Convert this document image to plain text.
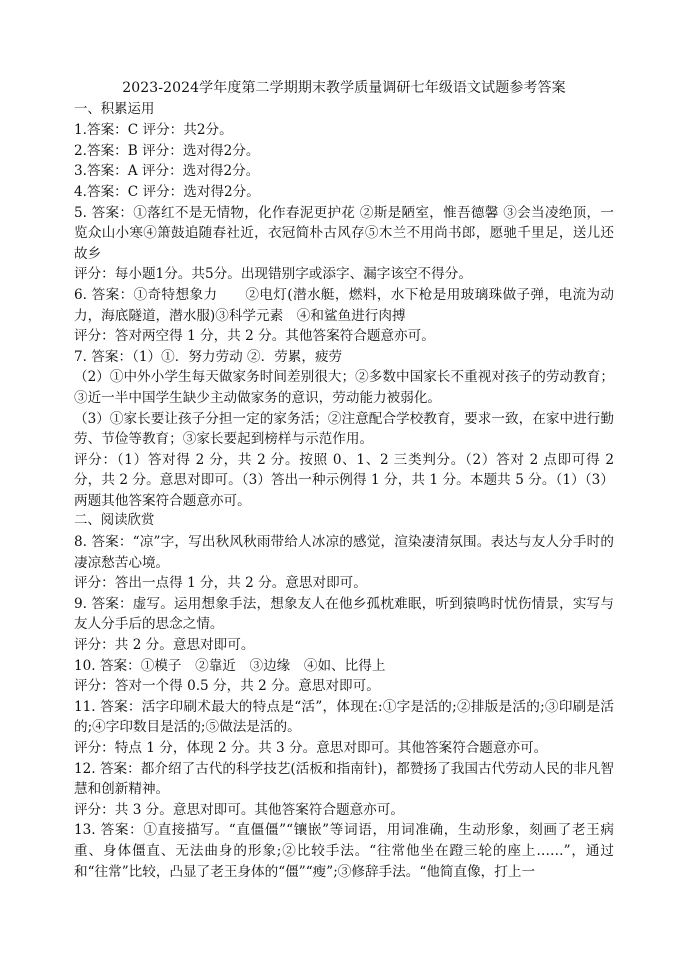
2023-2024学年度第二学期期末教学质量调研七年级语文试题参考答案

一、积累运用

1.答案：C 评分：共2分。

2.答案：B 评分：选对得2分。

3.答案：A 评分：选对得2分。

4.答案：C 评分：选对得2分。

5. 答案：①落红不是无情物，化作春泥更护花 ②斯是陋室，惟吾德馨 ③会当凌绝顶，一览众山小寒④箫鼓追随春社近，衣冠简朴古风存⑤木兰不用尚书郎，愿驰千里足，送儿还故乡

评分：每小题1分。共5分。出现错别字或添字、漏字该空不得分。

6. 答案：①奇特想象力　　②电灯(潜水艇，燃料，水下枪是用玻璃珠做子弹，电流为动力，海底隧道，潜水服)③科学元素　④和鲨鱼进行肉搏

评分：答对两空得 1 分，共 2 分。其他答案符合题意亦可。

7. 答案：（1）①．努力劳动 ②．劳累，疲劳

（2）①中外小学生每天做家务时间差别很大；②多数中国家长不重视对孩子的劳动教育；③近一半中国学生缺少主动做家务的意识，劳动能力被弱化。

（3）①家长要让孩子分担一定的家务活；②注意配合学校教育，要求一致，在家中进行勤劳、节俭等教育；③家长要起到榜样与示范作用。

评分：（1）答对得 2 分，共 2 分。按照 0、1、2 三类判分。（2）答对 2 点即可得 2 分，共 2 分。意思对即可。（3）答出一种示例得 1 分，共 1 分。本题共 5 分。（1）（3）两题其他答案符合题意亦可。

二、阅读欣赏

8. 答案：“凉”字，写出秋风秋雨带给人冰凉的感觉，渲染凄清氛围。表达与友人分手时的凄凉愁苦心境。

评分：答出一点得 1 分，共 2 分。意思对即可。

9. 答案：虚写。运用想象手法，想象友人在他乡孤枕难眠，听到猿鸣时忧伤情景，实写与友人分手后的思念之情。

评分：共 2 分。意思对即可。

10. 答案：①模子　②靠近　③边缘　④如、比得上

评分：答对一个得 0.5 分，共 2 分。意思对即可。

11. 答案：活字印刷术最大的特点是“活”，体现在:①字是活的;②排版是活的;③印刷是活的;④字印数目是活的;⑤做法是活的。

评分：特点 1 分，体现 2 分。共 3 分。意思对即可。其他答案符合题意亦可。

12. 答案：都介绍了古代的科学技艺(活板和指南针)，都赞扬了我国古代劳动人民的非凡智慧和创新精神。

评分：共 3 分。意思对即可。其他答案符合题意亦可。

13. 答案：①直接描写。“直僵僵”“镶嵌”等词语，用词准确，生动形象，刻画了老王病重、身体僵直、无法曲身的形象;②比较手法。“往常他坐在蹬三轮的座上……”，通过和“往常”比较，凸显了老王身体的“僵”“瘦”;③修辞手法。“他简直像，打上一
